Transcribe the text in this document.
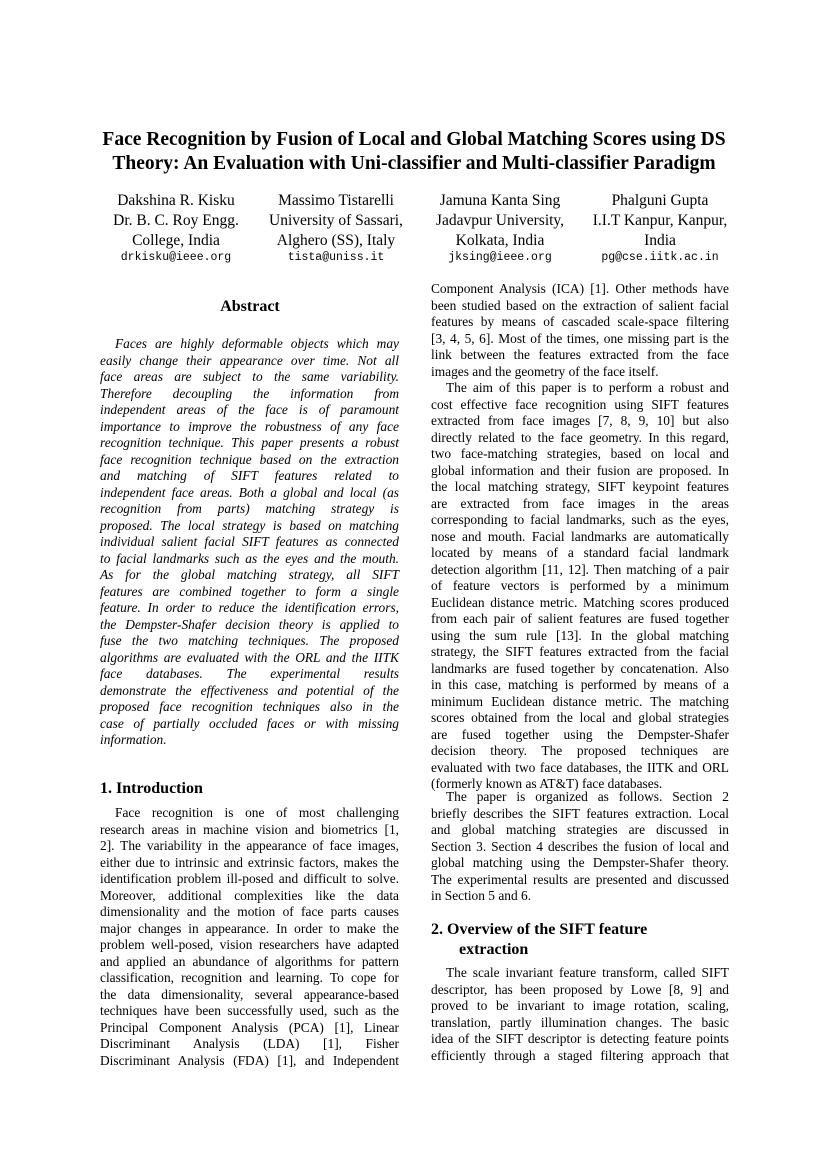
Face Recognition by Fusion of Local and Global Matching Scores using DS
Theory: An Evaluation with Uni-classifier and Multi-classifier Paradigm
Dakshina R. Kisku
Dr. B. C. Roy Engg.
College, India
drkisku@ieee.org
Massimo Tistarelli
University of Sassari,
Alghero (SS), Italy
tista@uniss.it
Jamuna Kanta Sing
Jadavpur University,
Kolkata, India
jksing@ieee.org
Phalguni Gupta
I.I.T Kanpur, Kanpur,
India
pg@cse.iitk.ac.in
Abstract
Faces are highly deformable objects which may
easily change their appearance over time. Not all
face areas are subject to the same variability.
Therefore decoupling the information from
independent areas of the face is of paramount
importance to improve the robustness of any face
recognition technique. This paper presents a robust
face recognition technique based on the extraction
and matching of SIFT features related to
independent face areas. Both a global and local (as
recognition from parts) matching strategy is
proposed. The local strategy is based on matching
individual salient facial SIFT features as connected
to facial landmarks such as the eyes and the mouth.
As for the global matching strategy, all SIFT
features are combined together to form a single
feature. In order to reduce the identification errors,
the Dempster-Shafer decision theory is applied to
fuse the two matching techniques. The proposed
algorithms are evaluated with the ORL and the IITK
face databases. The experimental results
demonstrate the effectiveness and potential of the
proposed face recognition techniques also in the
case of partially occluded faces or with missing
information.
1. Introduction
Face recognition is one of most challenging
research areas in machine vision and biometrics [1,
2]. The variability in the appearance of face images,
either due to intrinsic and extrinsic factors, makes the
identification problem ill-posed and difficult to solve.
Moreover, additional complexities like the data
dimensionality and the motion of face parts causes
major changes in appearance. In order to make the
problem well-posed, vision researchers have adapted
and applied an abundance of algorithms for pattern
classification, recognition and learning. To cope for
the data dimensionality, several appearance-based
techniques have been successfully used, such as the
Principal Component Analysis (PCA) [1], Linear
Discriminant Analysis (LDA) [1], Fisher
Discriminant Analysis (FDA) [1], and Independent
Component Analysis (ICA) [1]. Other methods have
been studied based on the extraction of salient facial
features by means of cascaded scale-space filtering
[3, 4, 5, 6]. Most of the times, one missing part is the
link between the features extracted from the face
images and the geometry of the face itself.
The aim of this paper is to perform a robust and
cost effective face recognition using SIFT features
extracted from face images [7, 8, 9, 10] but also
directly related to the face geometry. In this regard,
two face-matching strategies, based on local and
global information and their fusion are proposed. In
the local matching strategy, SIFT keypoint features
are extracted from face images in the areas
corresponding to facial landmarks, such as the eyes,
nose and mouth. Facial landmarks are automatically
located by means of a standard facial landmark
detection algorithm [11, 12]. Then matching of a pair
of feature vectors is performed by a minimum
Euclidean distance metric. Matching scores produced
from each pair of salient features are fused together
using the sum rule [13]. In the global matching
strategy, the SIFT features extracted from the facial
landmarks are fused together by concatenation. Also
in this case, matching is performed by means of a
minimum Euclidean distance metric. The matching
scores obtained from the local and global strategies
are fused together using the Dempster-Shafer
decision theory. The proposed techniques are
evaluated with two face databases, the IITK and ORL
(formerly known as AT&T) face databases.
The paper is organized as follows. Section 2
briefly describes the SIFT features extraction. Local
and global matching strategies are discussed in
Section 3. Section 4 describes the fusion of local and
global matching using the Dempster-Shafer theory.
The experimental results are presented and discussed
in Section 5 and 6.
2. Overview of the SIFT feature
extraction
The scale invariant feature transform, called SIFT
descriptor, has been proposed by Lowe [8, 9] and
proved to be invariant to image rotation, scaling,
translation, partly illumination changes. The basic
idea of the SIFT descriptor is detecting feature points
efficiently through a staged filtering approach that
